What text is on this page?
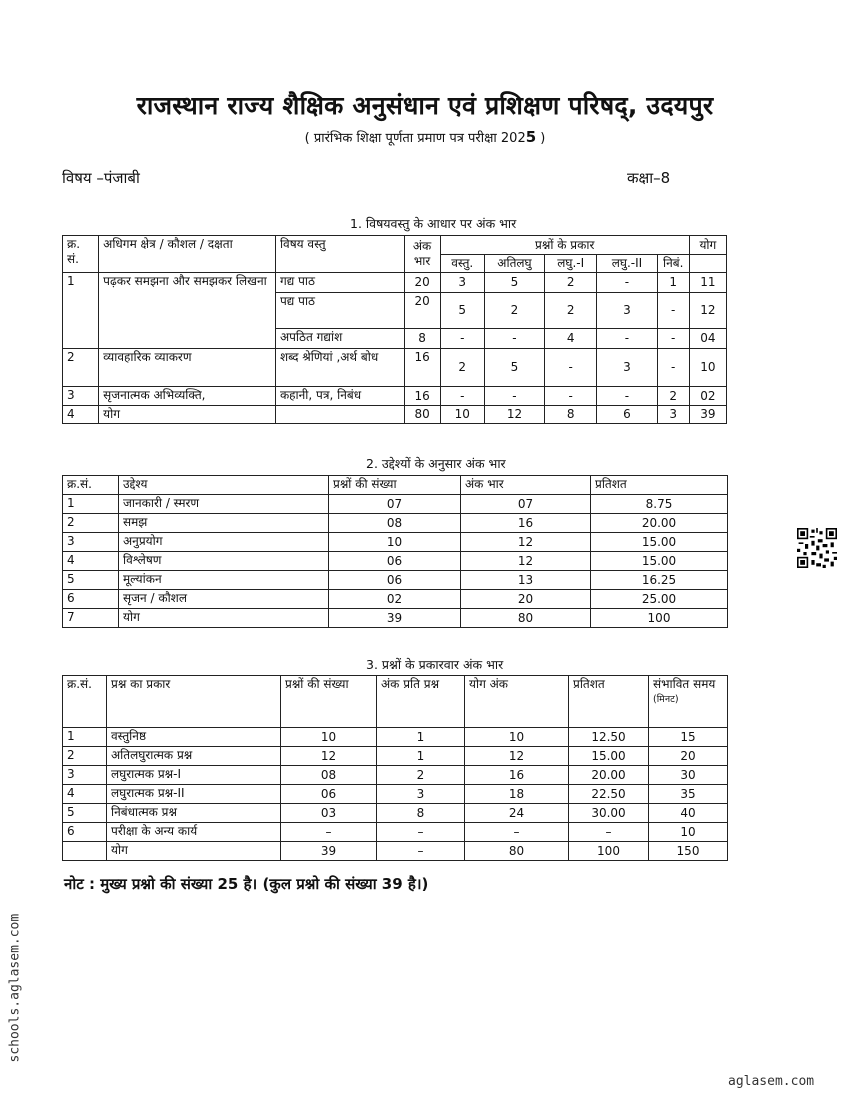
राजस्थान राज्य शैक्षिक अनुसंधान एवं प्रशिक्षण परिषद्, उदयपुर
( प्रारंभिक शिक्षा पूर्णता प्रमाण पत्र परीक्षा 2025 )
विषय –पंजाबी	कक्षा–8
1. विषयवस्तु के आधार पर अंक भार
क्र. सं.	अधिगम क्षेत्र / कौशल / दक्षता	विषय वस्तु	अंक भार	प्रश्नों के प्रकार					योग
				वस्तु.	अतिलघु	लघु.-I	लघु.-II	निबं.	
1	पढ़कर समझना और समझकर लिखना	गद्य पाठ	20	3	5	2	-	1	11
		पद्य पाठ	20	5	2	2	3	-	12
		अपठित गद्यांश	8	-	-	4	-	-	04
2	व्यावहारिक व्याकरण	शब्द श्रेणियां ,अर्थ बोध	16	2	5	-	3	-	10
3	सृजनात्मक अभिव्यक्ति,	कहानी, पत्र, निबंध	16	-	-	-	-	2	02
4	योग		80	10	12	8	6	3	39
2. उद्देश्यों के अनुसार अंक भार
क्र.सं.	उद्देश्य	प्रश्नों की संख्या	अंक भार	प्रतिशत
1	जानकारी / स्मरण	07	07	8.75
2	समझ	08	16	20.00
3	अनुप्रयोग	10	12	15.00
4	विश्लेषण	06	12	15.00
5	मूल्यांकन	06	13	16.25
6	सृजन / कौशल	02	20	25.00
7	योग	39	80	100
3. प्रश्नों के प्रकारवार अंक भार
क्र.सं.	प्रश्न का प्रकार	प्रश्नों की संख्या	अंक प्रति प्रश्न	योग अंक	प्रतिशत	संभावित समय
(मिनट)
1	वस्तुनिष्ठ	10	1	10	12.50	15
2	अतिलघुरात्मक प्रश्न	12	1	12	15.00	20
3	लघुरात्मक प्रश्न-I	08	2	16	20.00	30
4	लघुरात्मक प्रश्न-II	06	3	18	22.50	35
5	निबंधात्मक प्रश्न	03	8	24	30.00	40
6	परीक्षा के अन्य कार्य	–	–	–	–	10
	योग	39	–	80	100	150
नोट : मुख्य प्रश्नो की संख्या 25 है। (कुल प्रश्नो की संख्या 39 है।)
schools.aglasem.com
aglasem.com
